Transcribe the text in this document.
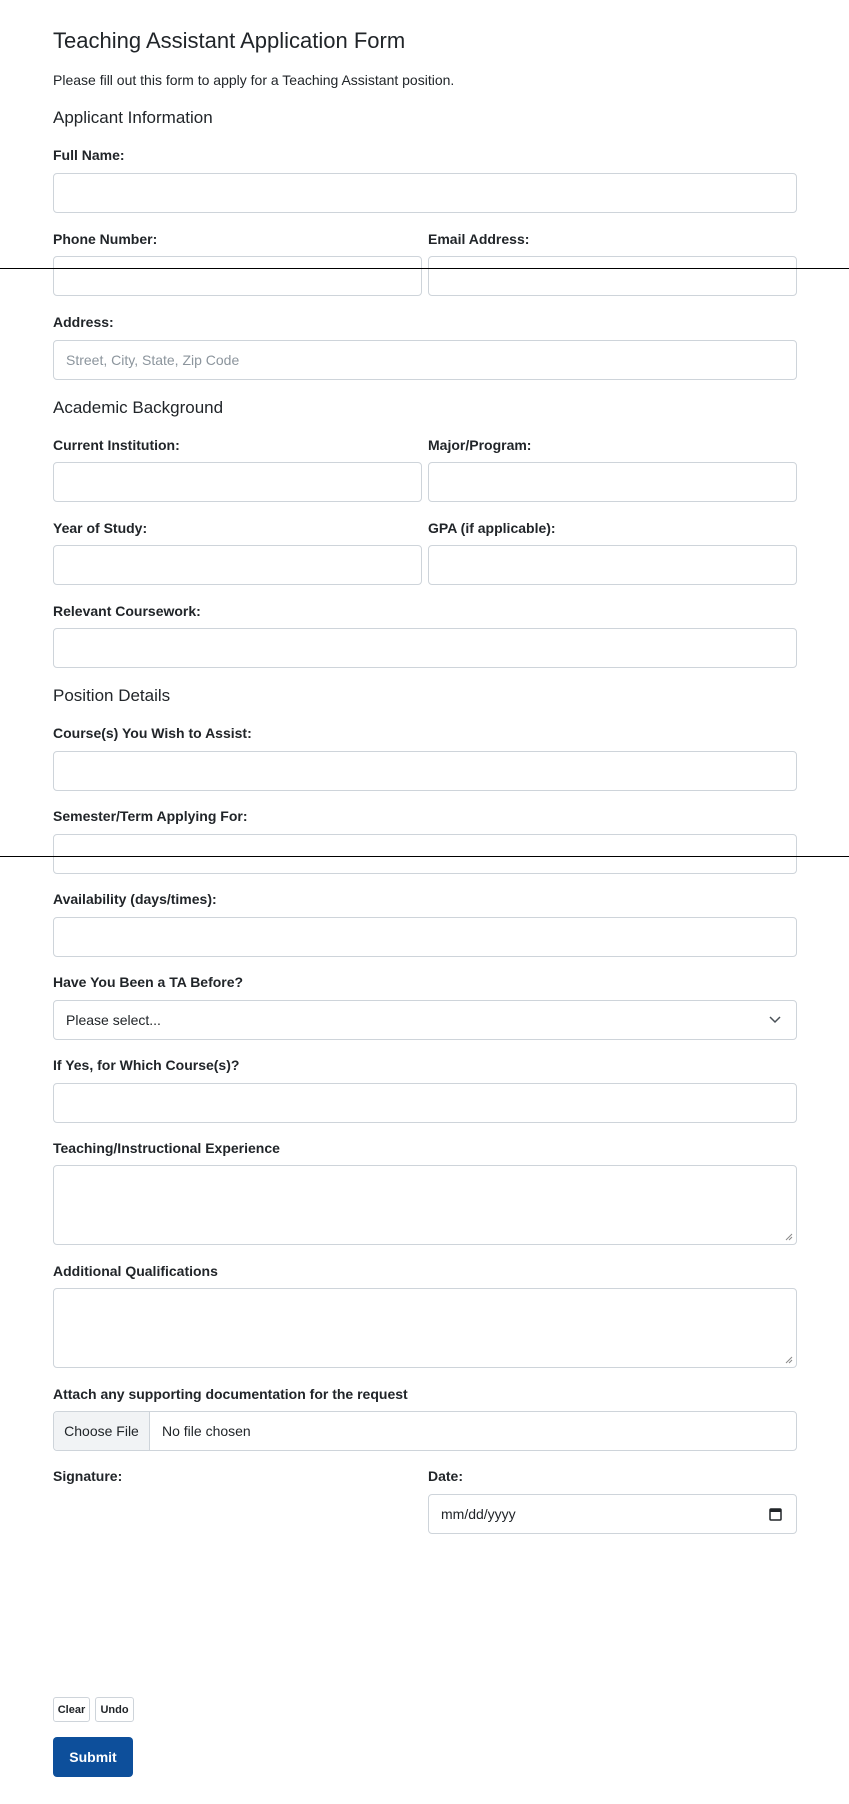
Teaching Assistant Application Form
Please fill out this form to apply for a Teaching Assistant position.
Applicant Information
Full Name:
Phone Number:	Email Address:
Address:
Street, City, State, Zip Code
Academic Background
Current Institution:	Major/Program:
Year of Study:	GPA (if applicable):
Relevant Coursework:
Position Details
Course(s) You Wish to Assist:
Semester/Term Applying For:
Availability (days/times):
Have You Been a TA Before?
Please select...
If Yes, for Which Course(s)?
Teaching/Instructional Experience
Additional Qualifications
Attach any supporting documentation for the request
Choose File	No file chosen
Signature:	Date:
mm/dd/yyyy
Clear	Undo
Submit
